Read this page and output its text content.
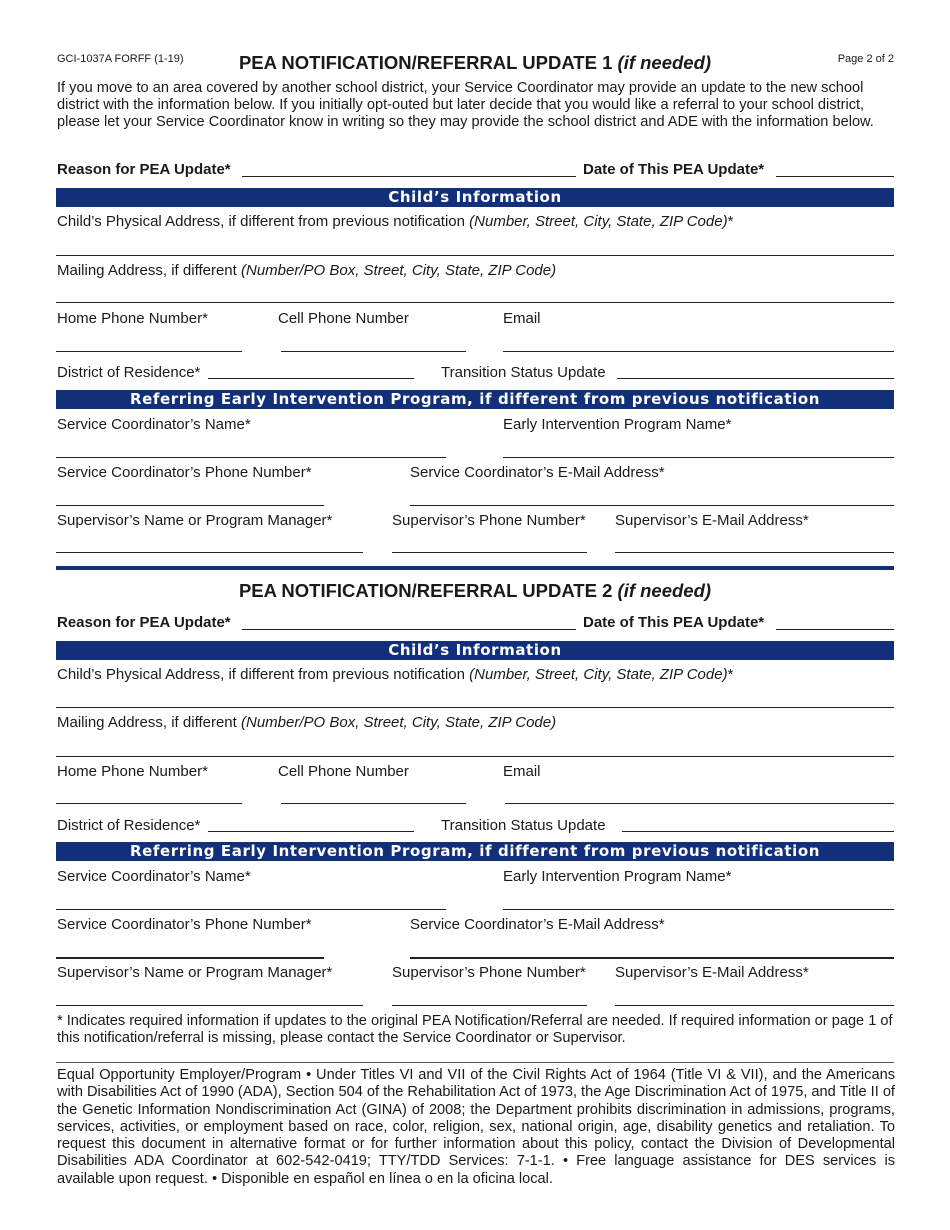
GCI-1037A FORFF (1-19)	Page 2 of 2
PEA NOTIFICATION/REFERRAL UPDATE 1 (if needed)
If you move to an area covered by another school district, your Service Coordinator may provide an update to the new school district with the information below. If you initially opt-outed but later decide that you would like a referral to your school district, please let your Service Coordinator know in writing so they may provide the school district and ADE with the information below.
Reason for PEA Update*	Date of This PEA Update*
Child’s Information
Child’s Physical Address, if different from previous notification (Number, Street, City, State, ZIP Code)*
Mailing Address, if different (Number/PO Box, Street, City, State, ZIP Code)
Home Phone Number*	Cell Phone Number	Email
District of Residence*	Transition Status Update
Referring Early Intervention Program, if different from previous notification
Service Coordinator’s Name*	Early Intervention Program Name*
Service Coordinator’s Phone Number*	Service Coordinator’s E-Mail Address*
Supervisor’s Name or Program Manager*	Supervisor’s Phone Number* Supervisor’s E-Mail Address*
PEA NOTIFICATION/REFERRAL UPDATE 2 (if needed)
Reason for PEA Update*	Date of This PEA Update*
Child’s Information
Child’s Physical Address, if different from previous notification (Number, Street, City, State, ZIP Code)*
Mailing Address, if different (Number/PO Box, Street, City, State, ZIP Code)
Home Phone Number*	Cell Phone Number	Email
District of Residence*	Transition Status Update
Referring Early Intervention Program, if different from previous notification
Service Coordinator’s Name*	Early Intervention Program Name*
Service Coordinator’s Phone Number*	Service Coordinator’s E-Mail Address*
Supervisor’s Name or Program Manager*	Supervisor’s Phone Number* Supervisor’s E-Mail Address*
* Indicates required information if updates to the original PEA Notification/Referral are needed. If required information or page 1 of this notification/referral is missing, please contact the Service Coordinator or Supervisor.
Equal Opportunity Employer/Program • Under Titles VI and VII of the Civil Rights Act of 1964 (Title VI & VII), and the Americans with Disabilities Act of 1990 (ADA), Section 504 of the Rehabilitation Act of 1973, the Age Discrimination Act of 1975, and Title II of the Genetic Information Nondiscrimination Act (GINA) of 2008; the Department prohibits discrimination in admissions, programs, services, activities, or employment based on race, color, religion, sex, national origin, age, disability genetics and retaliation. To request this document in alternative format or for further information about this policy, contact the Division of Developmental Disabilities ADA Coordinator at 602-542-0419; TTY/TDD Services: 7-1-1. • Free language assistance for DES services is available upon request. • Disponible en español en línea o en la oficina local.
